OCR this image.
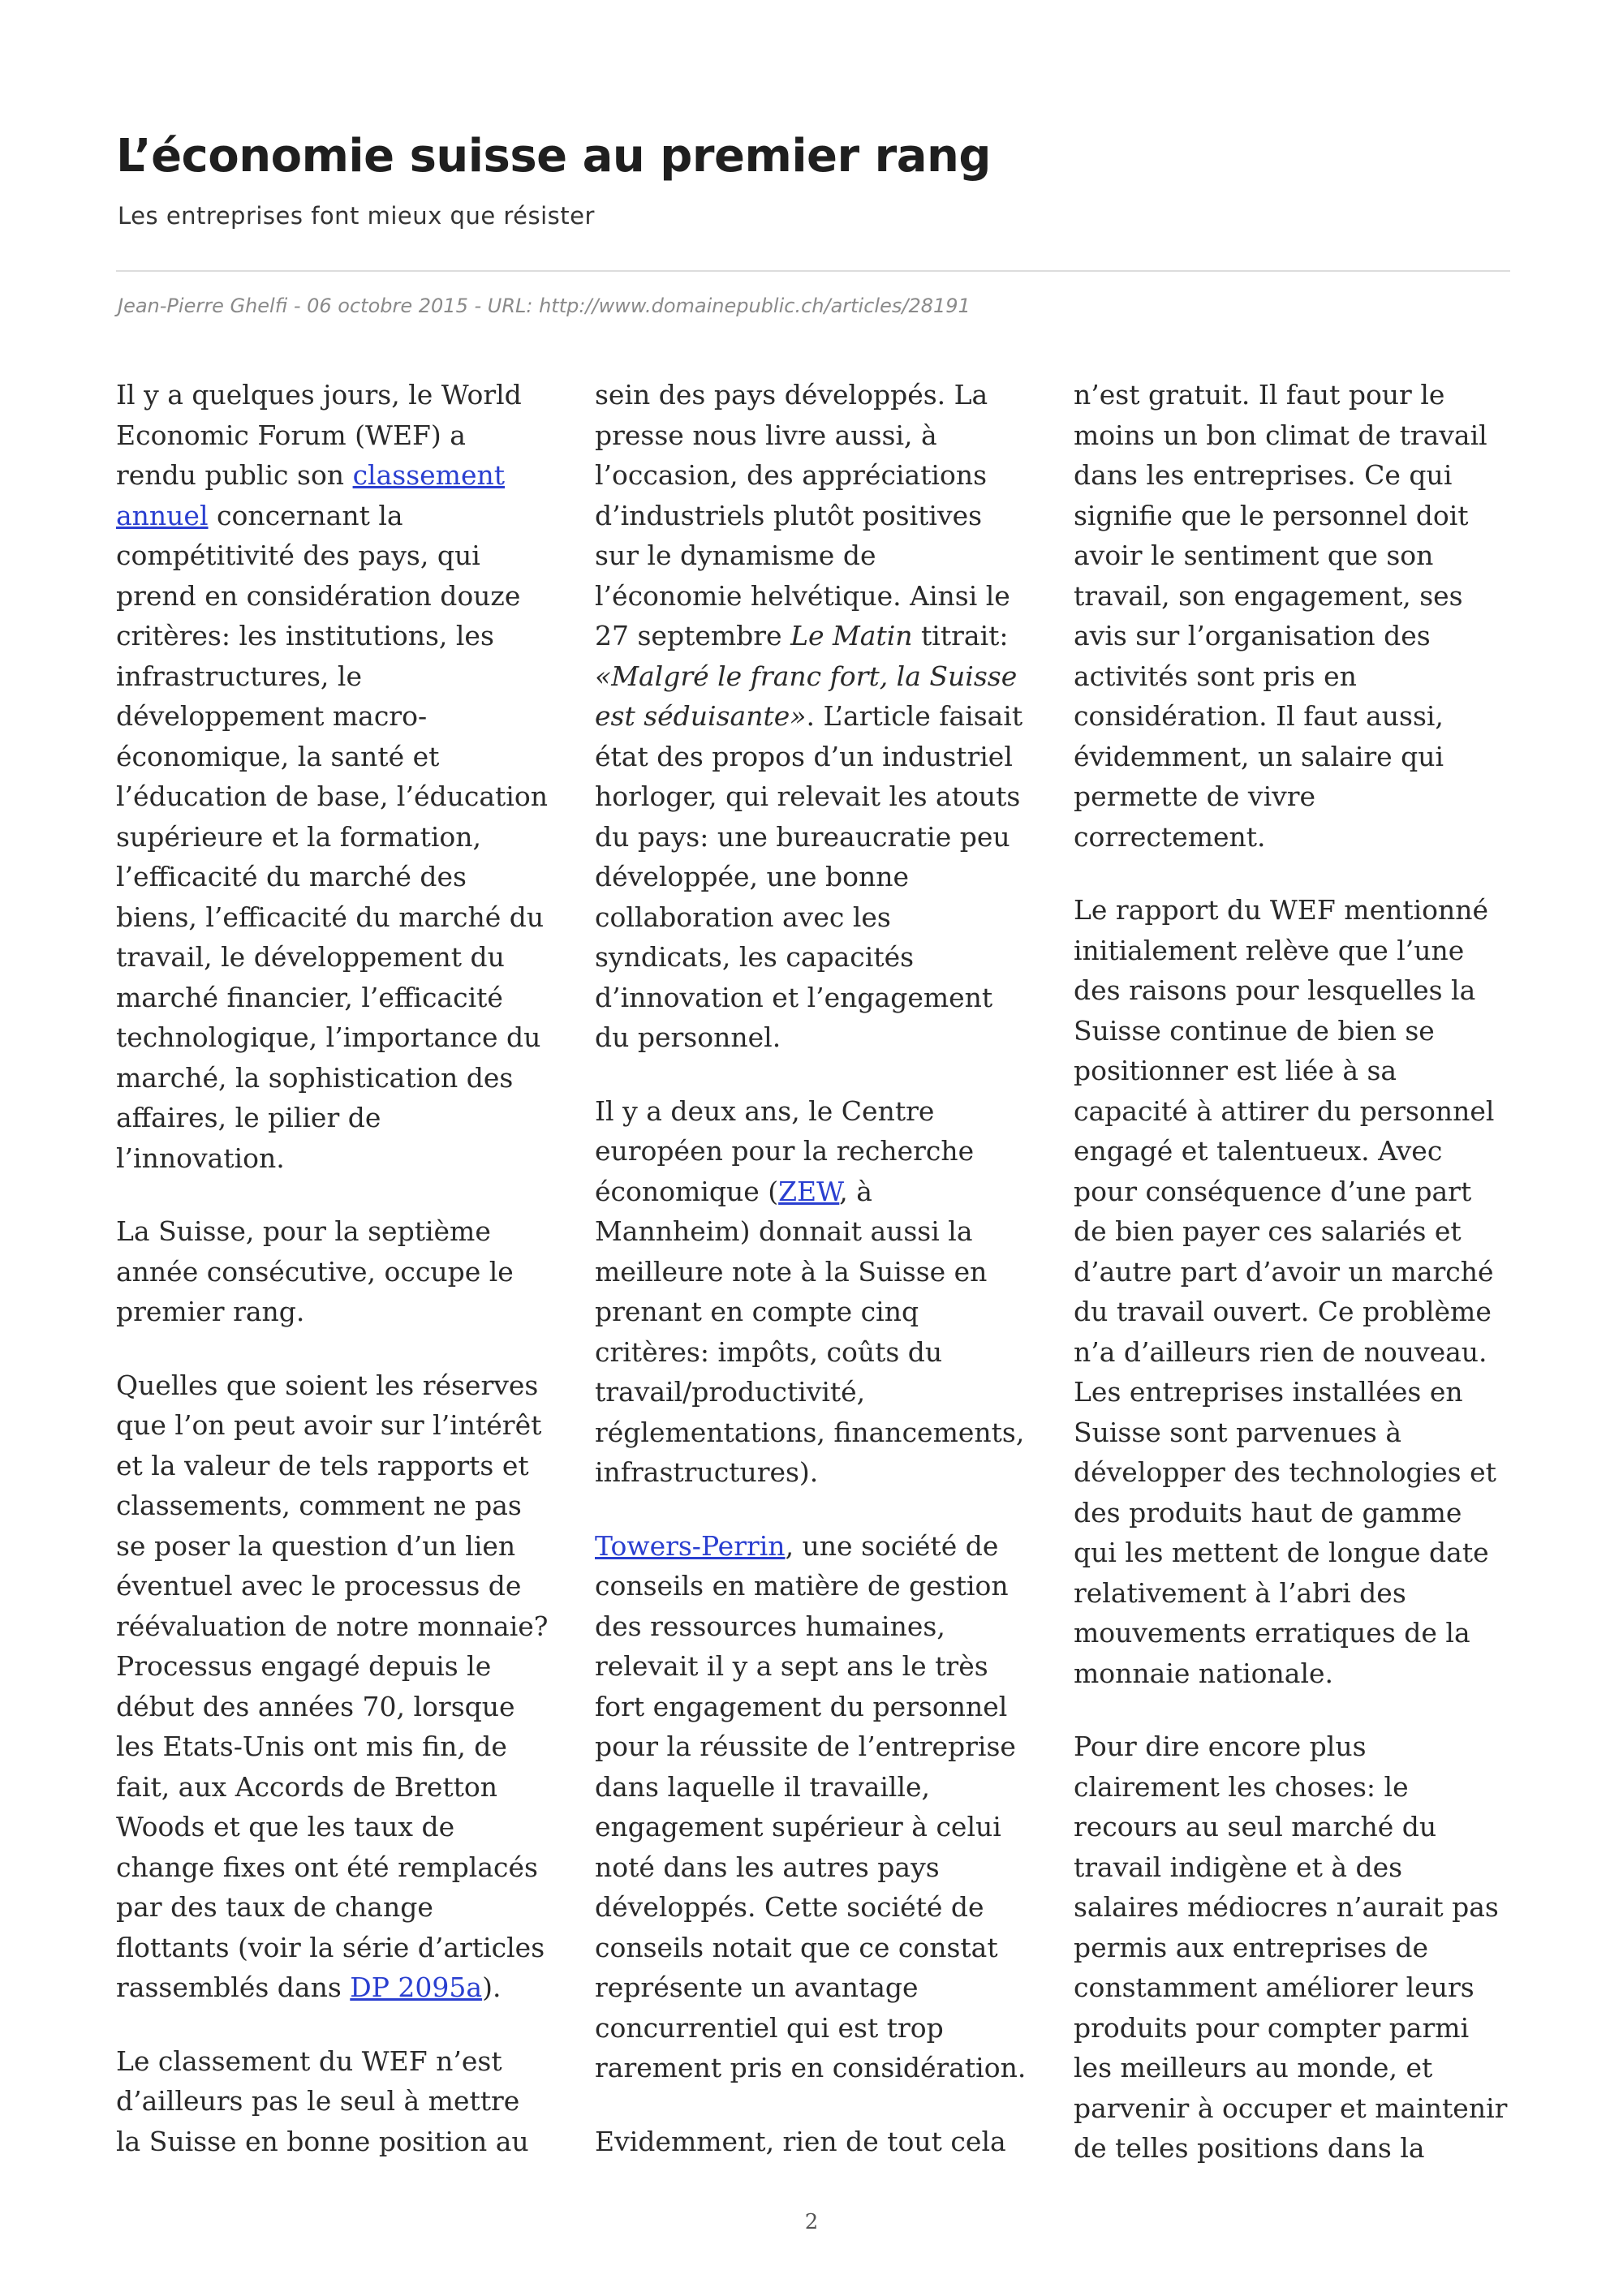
L’économie suisse au premier rang

Les entreprises font mieux que résister

Jean-Pierre Ghelfi - 06 octobre 2015 - URL: http://www.domainepublic.ch/articles/28191

Il y a quelques jours, le World Economic Forum (WEF) a rendu public son classement annuel concernant la compétitivité des pays, qui prend en considération douze critères: les institutions, les infrastructures, le développement macro-économique, la santé et l’éducation de base, l’éducation supérieure et la formation, l’efficacité du marché des biens, l’efficacité du marché du travail, le développement du marché financier, l’efficacité technologique, l’importance du marché, la sophistication des affaires, le pilier de l’innovation.

La Suisse, pour la septième année consécutive, occupe le premier rang.

Quelles que soient les réserves que l’on peut avoir sur l’intérêt et la valeur de tels rapports et classements, comment ne pas se poser la question d’un lien éventuel avec le processus de réévaluation de notre monnaie? Processus engagé depuis le début des années 70, lorsque les Etats-Unis ont mis fin, de fait, aux Accords de Bretton Woods et que les taux de change fixes ont été remplacés par des taux de change flottants (voir la série d’articles rassemblés dans DP 2095a).

Le classement du WEF n’est d’ailleurs pas le seul à mettre la Suisse en bonne position au

sein des pays développés. La presse nous livre aussi, à l’occasion, des appréciations d’industriels plutôt positives sur le dynamisme de l’économie helvétique. Ainsi le 27 septembre Le Matin titrait: «Malgré le franc fort, la Suisse est séduisante». L’article faisait état des propos d’un industriel horloger, qui relevait les atouts du pays: une bureaucratie peu développée, une bonne collaboration avec les syndicats, les capacités d’innovation et l’engagement du personnel.

Il y a deux ans, le Centre européen pour la recherche économique (ZEW, à Mannheim) donnait aussi la meilleure note à la Suisse en prenant en compte cinq critères: impôts, coûts du travail/productivité, réglementations, financements, infrastructures).

Towers-Perrin, une société de conseils en matière de gestion des ressources humaines, relevait il y a sept ans le très fort engagement du personnel pour la réussite de l’entreprise dans laquelle il travaille, engagement supérieur à celui noté dans les autres pays développés. Cette société de conseils notait que ce constat représente un avantage concurrentiel qui est trop rarement pris en considération.

Evidemment, rien de tout cela

n’est gratuit. Il faut pour le moins un bon climat de travail dans les entreprises. Ce qui signifie que le personnel doit avoir le sentiment que son travail, son engagement, ses avis sur l’organisation des activités sont pris en considération. Il faut aussi, évidemment, un salaire qui permette de vivre correctement.

Le rapport du WEF mentionné initialement relève que l’une des raisons pour lesquelles la Suisse continue de bien se positionner est liée à sa capacité à attirer du personnel engagé et talentueux. Avec pour conséquence d’une part de bien payer ces salariés et d’autre part d’avoir un marché du travail ouvert. Ce problème n’a d’ailleurs rien de nouveau. Les entreprises installées en Suisse sont parvenues à développer des technologies et des produits haut de gamme qui les mettent de longue date relativement à l’abri des mouvements erratiques de la monnaie nationale.

Pour dire encore plus clairement les choses: le recours au seul marché du travail indigène et à des salaires médiocres n’aurait pas permis aux entreprises de constamment améliorer leurs produits pour compter parmi les meilleurs au monde, et parvenir à occuper et maintenir de telles positions dans la

2
